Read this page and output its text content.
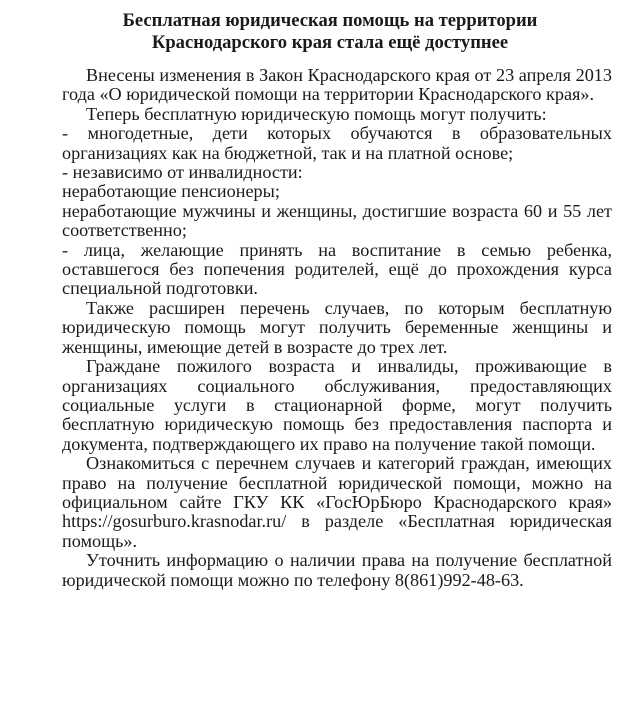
Бесплатная юридическая помощь на территории
Краснодарского края стала ещё доступнее

Внесены изменения в Закон Краснодарского края от 23 апреля 2013 года «О юридической помощи на территории Краснодарского края».

Теперь бесплатную юридическую помощь могут получить:

- многодетные, дети которых обучаются в образовательных организациях как на бюджетной, так и на платной основе;

- независимо от инвалидности:

неработающие пенсионеры;

неработающие мужчины и женщины, достигшие возраста 60 и 55 лет соответственно;

- лица, желающие принять на воспитание в семью ребенка, оставшегося без попечения родителей, ещё до прохождения курса специальной подготовки.

Также расширен перечень случаев, по которым бесплатную юридическую помощь могут получить беременные женщины и женщины, имеющие детей в возрасте до трех лет.

Граждане пожилого возраста и инвалиды, проживающие в организациях социального обслуживания, предоставляющих социальные услуги в стационарной форме, могут получить бесплатную юридическую помощь без предоставления паспорта и документа, подтверждающего их право на получение такой помощи.

Ознакомиться с перечнем случаев и категорий граждан, имеющих право на получение бесплатной юридической помощи, можно на официальном сайте ГКУ КК «ГосЮрБюро Краснодарского края» https://gosurburo.krasnodar.ru/ в разделе «Бесплатная юридическая помощь».

Уточнить информацию о наличии права на получение бесплатной юридической помощи можно по телефону 8(861)992-48-63.
